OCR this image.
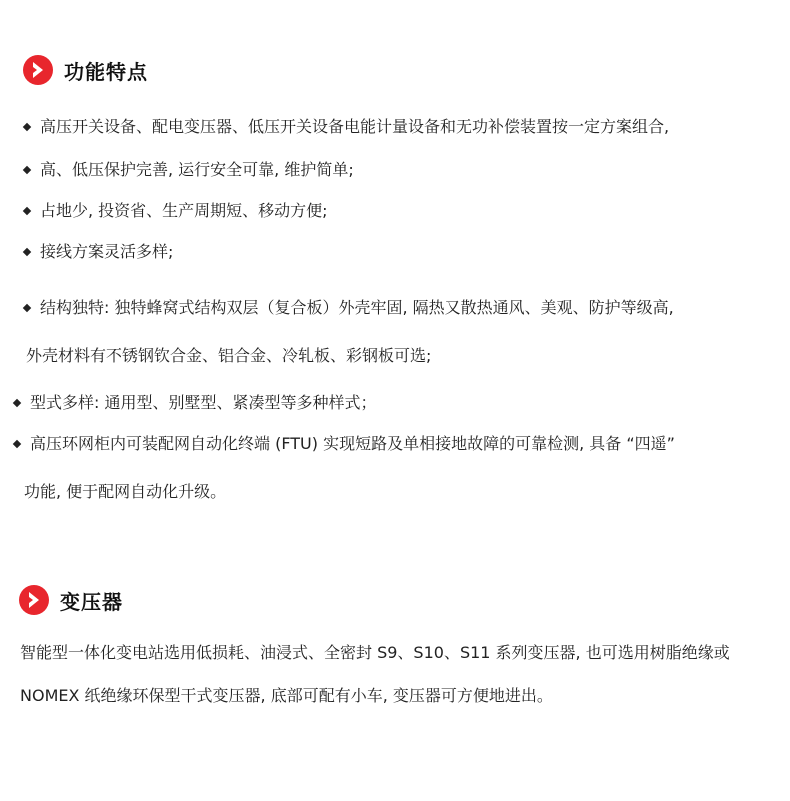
功能特点
高压开关设备、配电变压器、低压开关设备电能计量设备和无功补偿装置按一定方案组合,
高、低压保护完善, 运行安全可靠, 维护简单;
占地少, 投资省、生产周期短、移动方便;
接线方案灵活多样;
结构独特: 独特蜂窝式结构双层（复合板）外壳牢固, 隔热又散热通风、美观、防护等级高,
外壳材料有不锈钢钦合金、铝合金、冷轧板、彩钢板可选;
型式多样: 通用型、别墅型、紧凑型等多种样式；
高压环网柜内可装配网自动化终端 (FTU) 实现短路及单相接地故障的可靠检测, 具备 “四遥”
功能, 便于配网自动化升级。
变压器
智能型一体化变电站选用低损耗、油浸式、全密封 S9、S10、S11 系列变压器, 也可选用树脂绝缘或
NOMEX 纸绝缘环保型干式变压器, 底部可配有小车, 变压器可方便地进出。
